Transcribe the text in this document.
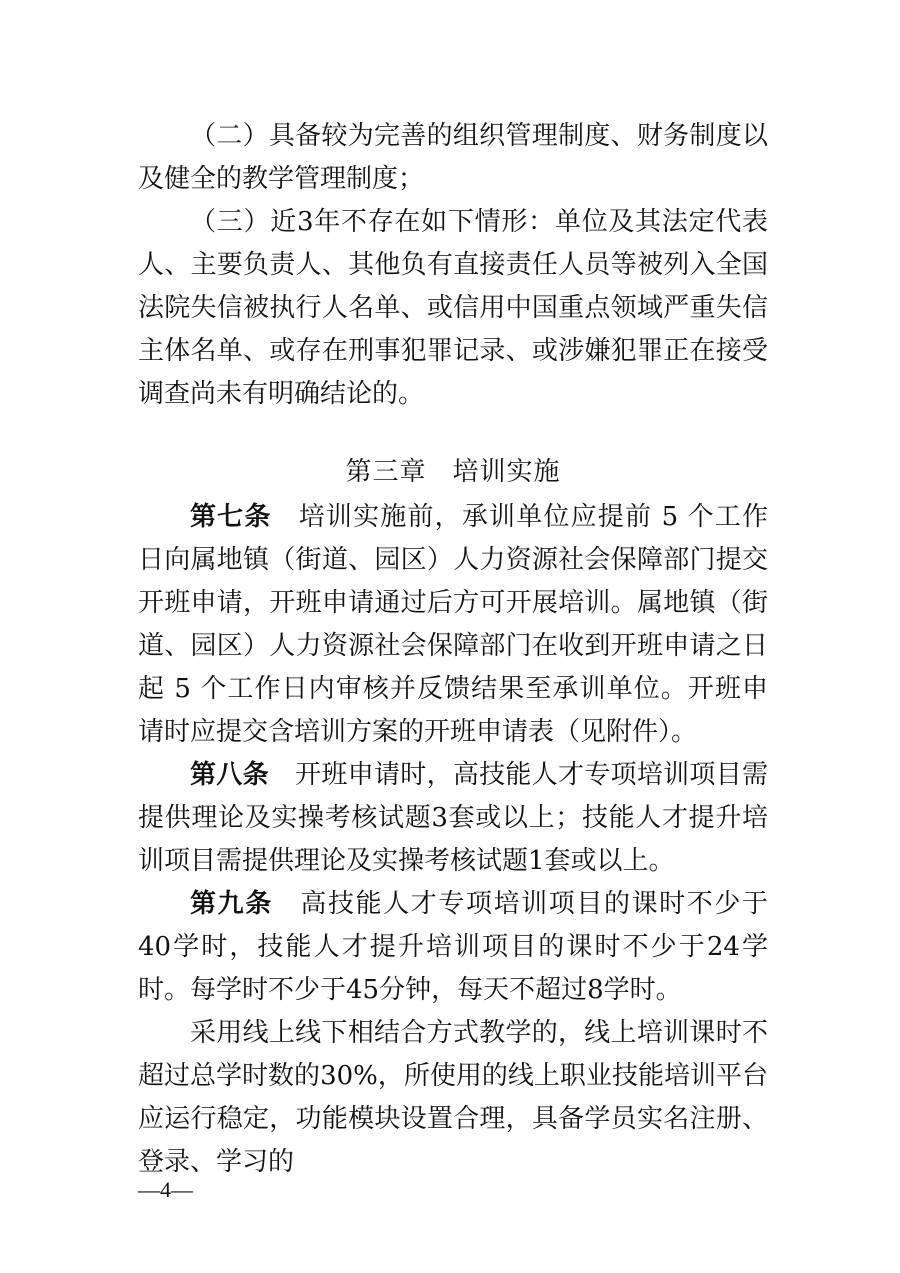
（二）具备较为完善的组织管理制度、财务制度以及健全的教学管理制度；

（三）近3年不存在如下情形：单位及其法定代表人、主要负责人、其他负有直接责任人员等被列入全国法院失信被执行人名单、或信用中国重点领域严重失信主体名单、或存在刑事犯罪记录、或涉嫌犯罪正在接受调查尚未有明确结论的。

第三章 培训实施

第七条 培训实施前，承训单位应提前 5 个工作日向属地镇（街道、园区）人力资源社会保障部门提交开班申请，开班申请通过后方可开展培训。属地镇（街道、园区）人力资源社会保障部门在收到开班申请之日起 5 个工作日内审核并反馈结果至承训单位。开班申请时应提交含培训方案的开班申请表（见附件）。

第八条 开班申请时，高技能人才专项培训项目需提供理论及实操考核试题3套或以上；技能人才提升培训项目需提供理论及实操考核试题1套或以上。

第九条 高技能人才专项培训项目的课时不少于40学时，技能人才提升培训项目的课时不少于24学时。每学时不少于45分钟，每天不超过8学时。

采用线上线下相结合方式教学的，线上培训课时不超过总学时数的30%，所使用的线上职业技能培训平台应运行稳定，功能模块设置合理，具备学员实名注册、登录、学习的

—4—
